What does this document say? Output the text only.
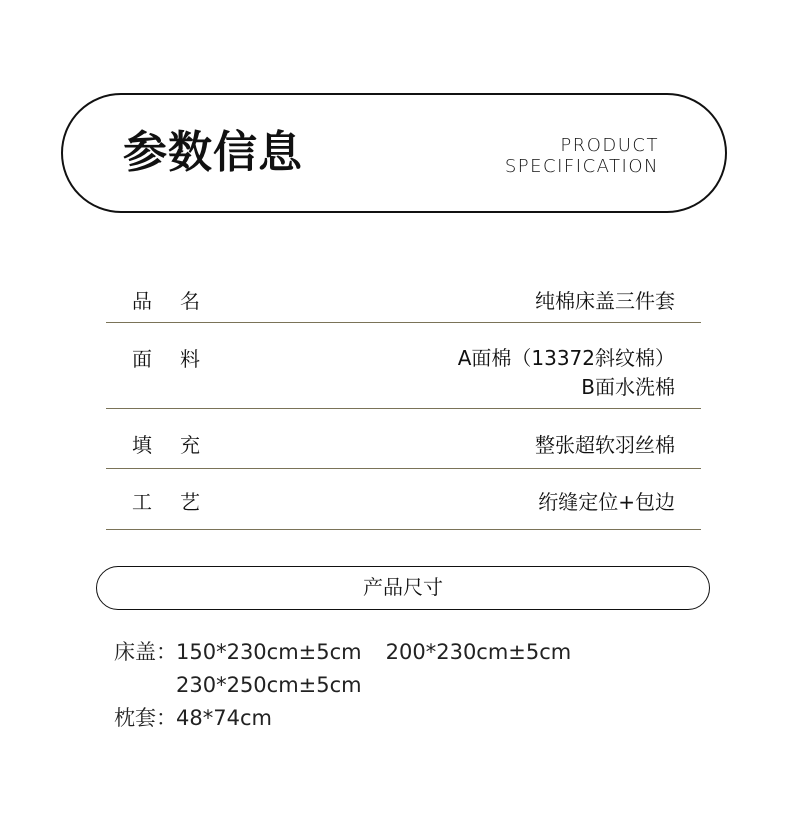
参数信息	PRODUCT
SPECIFICATION
品名	纯棉床盖三件套
面料	A面棉（13372斜纹棉）
B面水洗棉
填充	整张超软羽丝棉
工艺	绗缝定位+包边
产品尺寸
床盖：150*230cm±5cm 200*230cm±5cm
230*250cm±5cm
枕套：48*74cm
